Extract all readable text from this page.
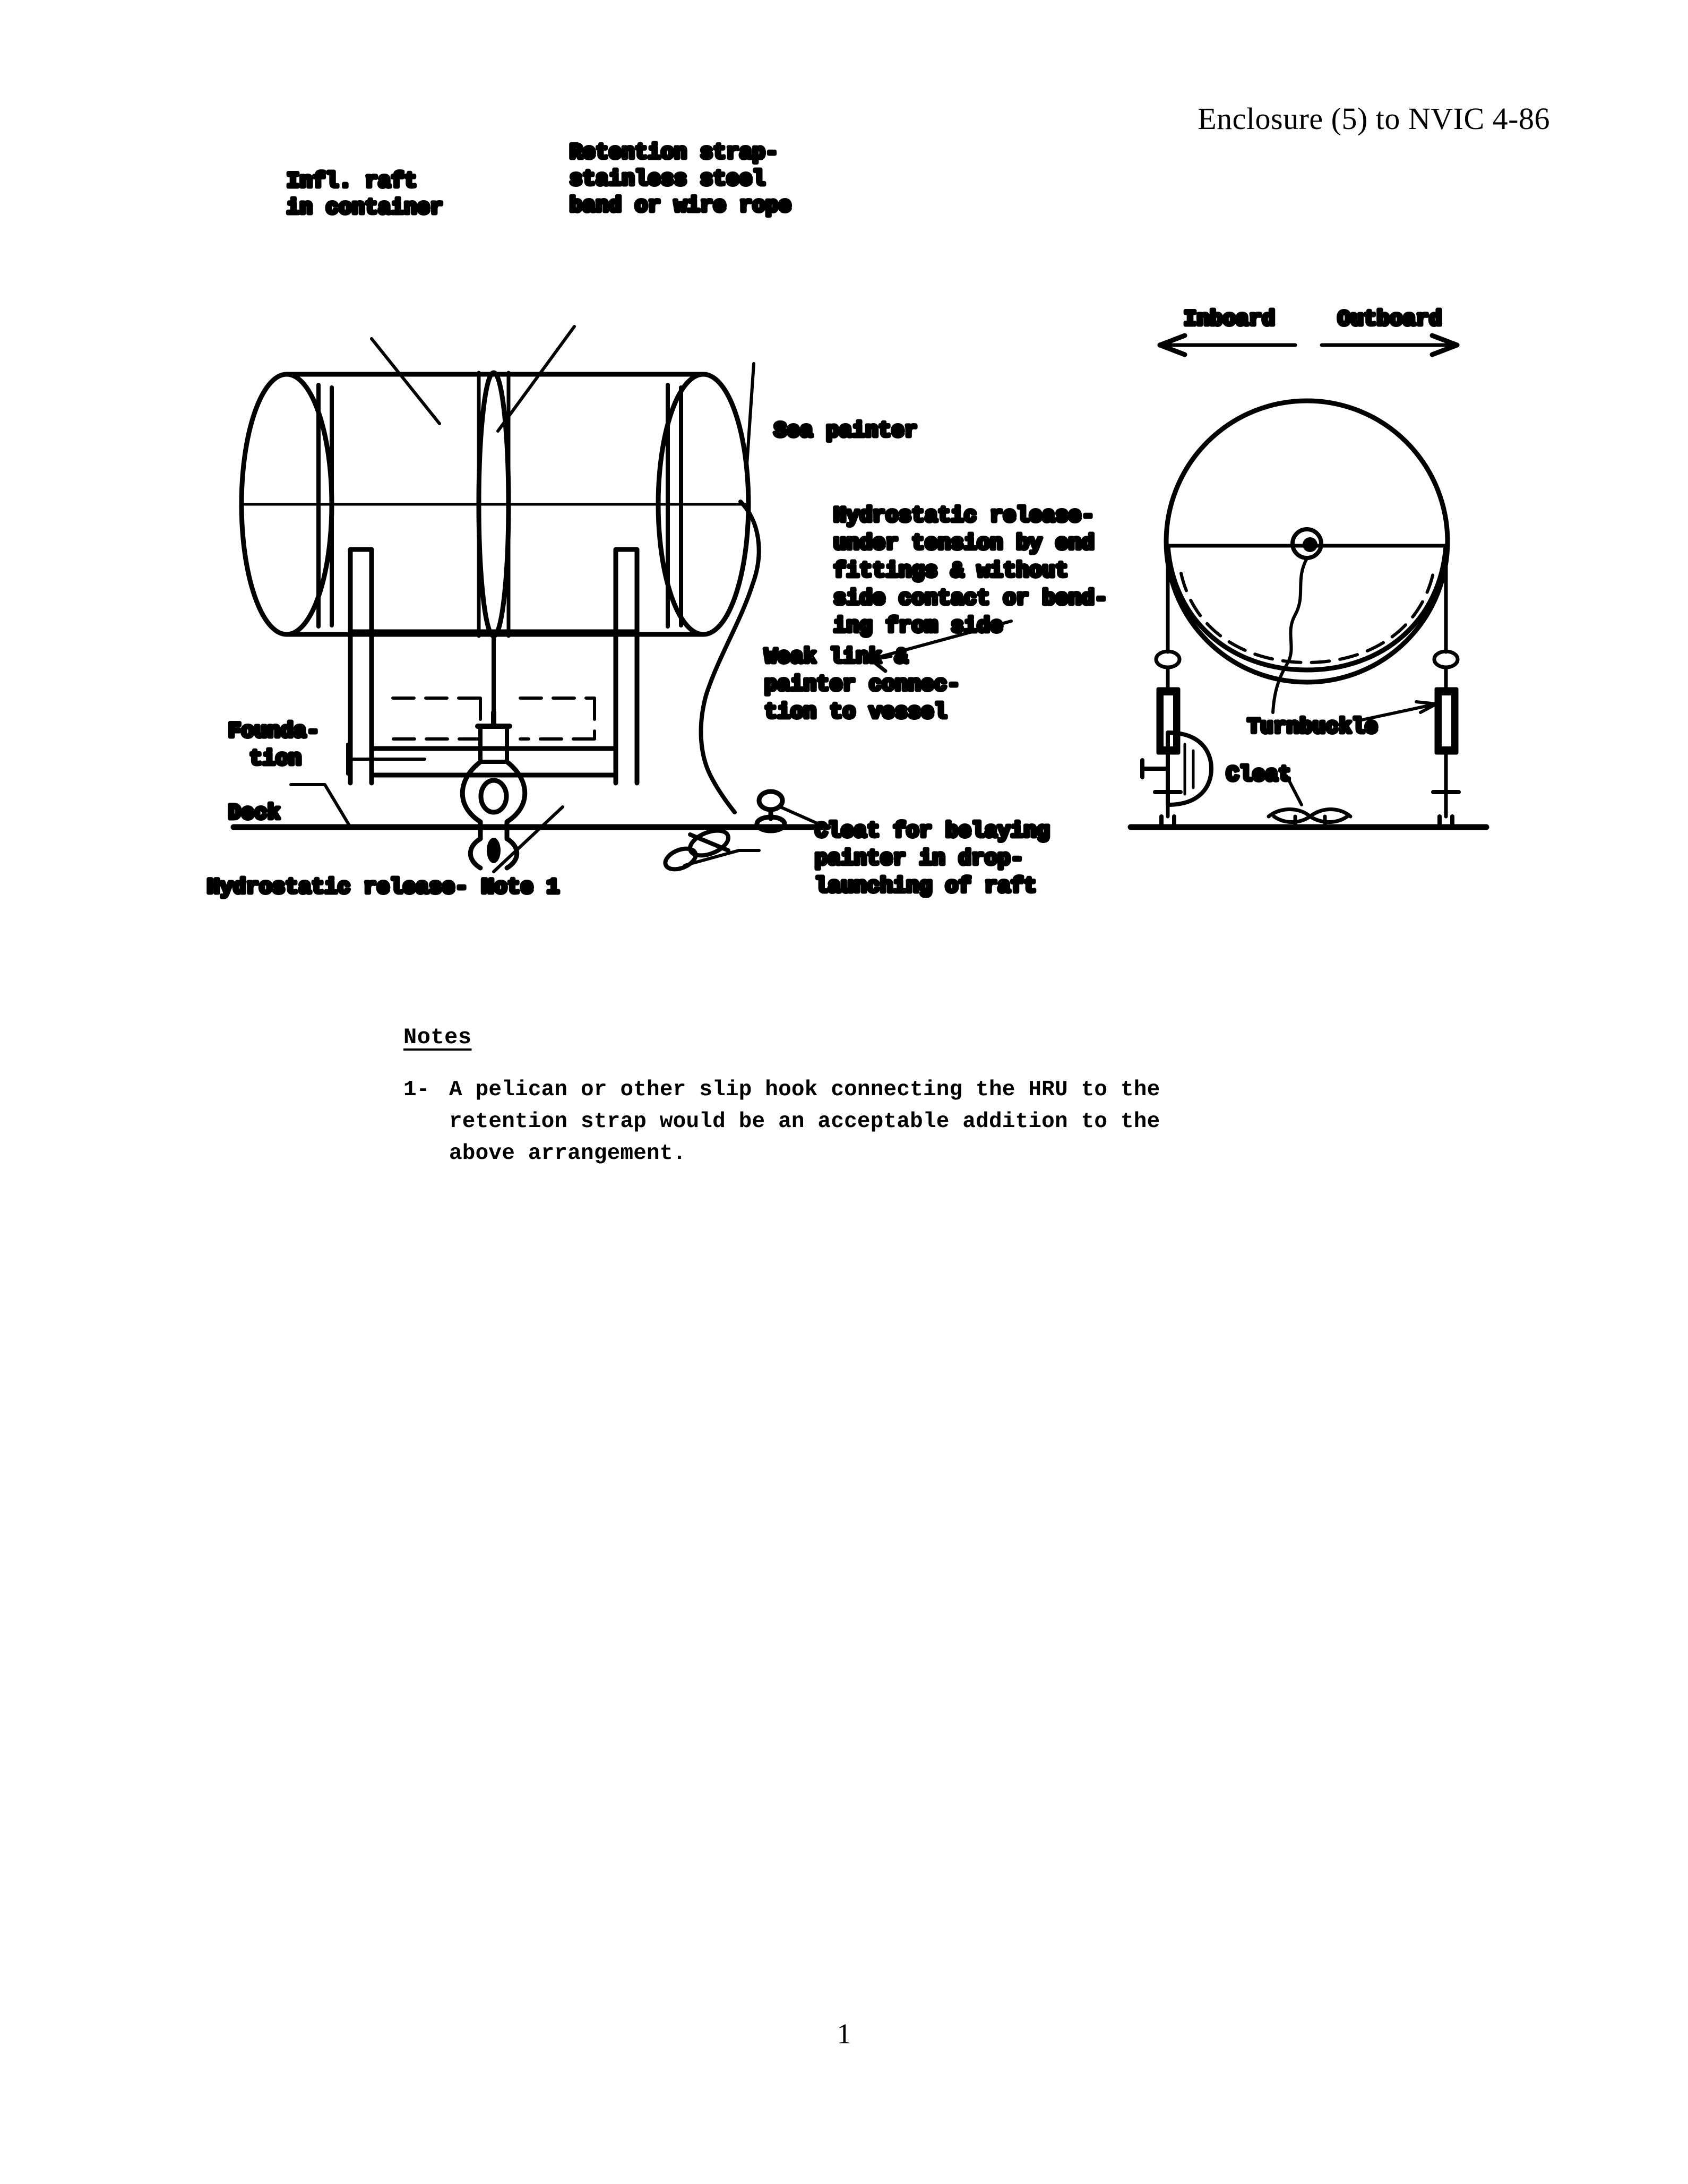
Enclosure (5) to NVIC 4-86
Infl. raft
in container
Retention strap-
stainless steel
band or wire rope
Sea painter
Hydrostatic release-
under tension by end
fittings & without
side contact or bend-
ing from side
Weak link &
painter connec-
tion to vessel
Founda-
tion
Deck
Hydrostatic release- Note 1
Cleat for belaying
painter in drop-
launching of raft
Inboard	Outboard
Turnbuckle
Cleat
Notes
1- A pelican or other slip hook connecting the HRU to the
retention strap would be an acceptable addition to the
above arrangement.
1
